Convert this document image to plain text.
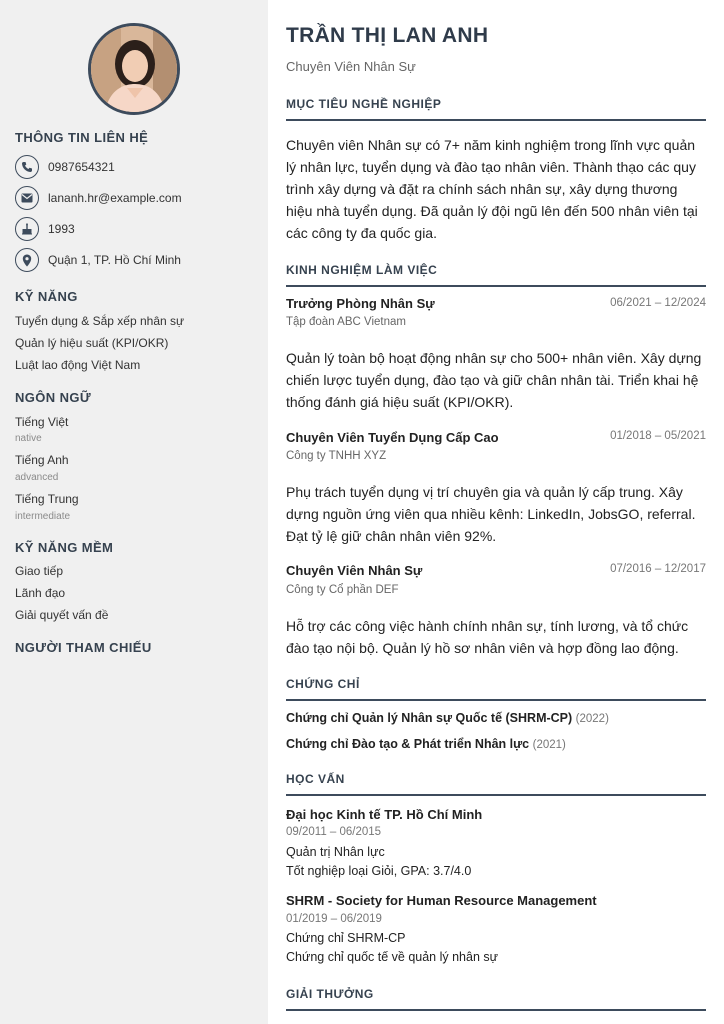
THÔNG TIN LIÊN HỆ
0987654321
lananh.hr@example.com
1993
Quận 1, TP. Hồ Chí Minh
KỸ NĂNG
Tuyển dụng & Sắp xếp nhân sự
Quản lý hiệu suất (KPI/OKR)
Luật lao động Việt Nam
NGÔN NGỮ
Tiếng Việt
native
Tiếng Anh
advanced
Tiếng Trung
intermediate
KỸ NĂNG MỀM
Giao tiếp
Lãnh đạo
Giải quyết vấn đề
NGƯỜI THAM CHIẾU
TRẦN THỊ LAN ANH
Chuyên Viên Nhân Sự
MỤC TIÊU NGHỀ NGHIỆP
Chuyên viên Nhân sự có 7+ năm kinh nghiệm trong lĩnh vực quản lý nhân lực, tuyển dụng và đào tạo nhân viên. Thành thạo các quy trình xây dựng và đặt ra chính sách nhân sự, xây dựng thương hiệu nhà tuyển dụng. Đã quản lý đội ngũ lên đến 500 nhân viên tại các công ty đa quốc gia.
KINH NGHIỆM LÀM VIỆC
Trưởng Phòng Nhân Sự	06/2021 – 12/2024
Tập đoàn ABC Vietnam
Quản lý toàn bộ hoạt động nhân sự cho 500+ nhân viên. Xây dựng chiến lược tuyển dụng, đào tạo và giữ chân nhân tài. Triển khai hệ thống đánh giá hiệu suất (KPI/OKR).
Chuyên Viên Tuyển Dụng Cấp Cao	01/2018 – 05/2021
Công ty TNHH XYZ
Phụ trách tuyển dụng vị trí chuyên gia và quản lý cấp trung. Xây dựng nguồn ứng viên qua nhiều kênh: LinkedIn, JobsGO, referral. Đạt tỷ lệ giữ chân nhân viên 92%.
Chuyên Viên Nhân Sự	07/2016 – 12/2017
Công ty Cổ phần DEF
Hỗ trợ các công việc hành chính nhân sự, tính lương, và tổ chức đào tạo nội bộ. Quản lý hồ sơ nhân viên và hợp đồng lao động.
CHỨNG CHỈ
Chứng chỉ Quản lý Nhân sự Quốc tế (SHRM-CP) (2022)
Chứng chỉ Đào tạo & Phát triển Nhân lực (2021)
HỌC VẤN
Đại học Kinh tế TP. Hồ Chí Minh
09/2011 – 06/2015
Quản trị Nhân lực
Tốt nghiệp loại Giỏi, GPA: 3.7/4.0
SHRM - Society for Human Resource Management
01/2019 – 06/2019
Chứng chỉ SHRM-CP
Chứng chỉ quốc tế về quản lý nhân sự
GIẢI THƯỞNG
